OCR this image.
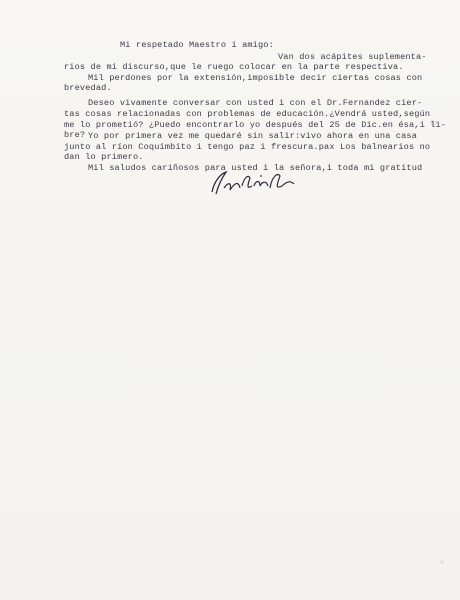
Mi respetado Maestro i amigo:
Van dos acápites suplementa-
rios de mi discurso,que le ruego colocar en la parte respectiva.
Mil perdones por la extensión,imposible decir ciertas cosas con
brevedad.
Deseo vivamente conversar con usted i con el Dr.Fernandez cier-
tas cosas relacionadas con problemas de educación.¿Vendrá usted,según
me lo prometió? ¿Puedo encontrarlo yo después del 25 de Dic.en ésa,i li-
bre? Yo por primera vez me quedaré sin salir:vivo ahora en una casa
junto al ríon Coquimbito i tengo paz i frescura.pax Los balnearios no
dan lo primero.
Mil saludos cariñosos para usted i la señora,i toda mi gratitud
